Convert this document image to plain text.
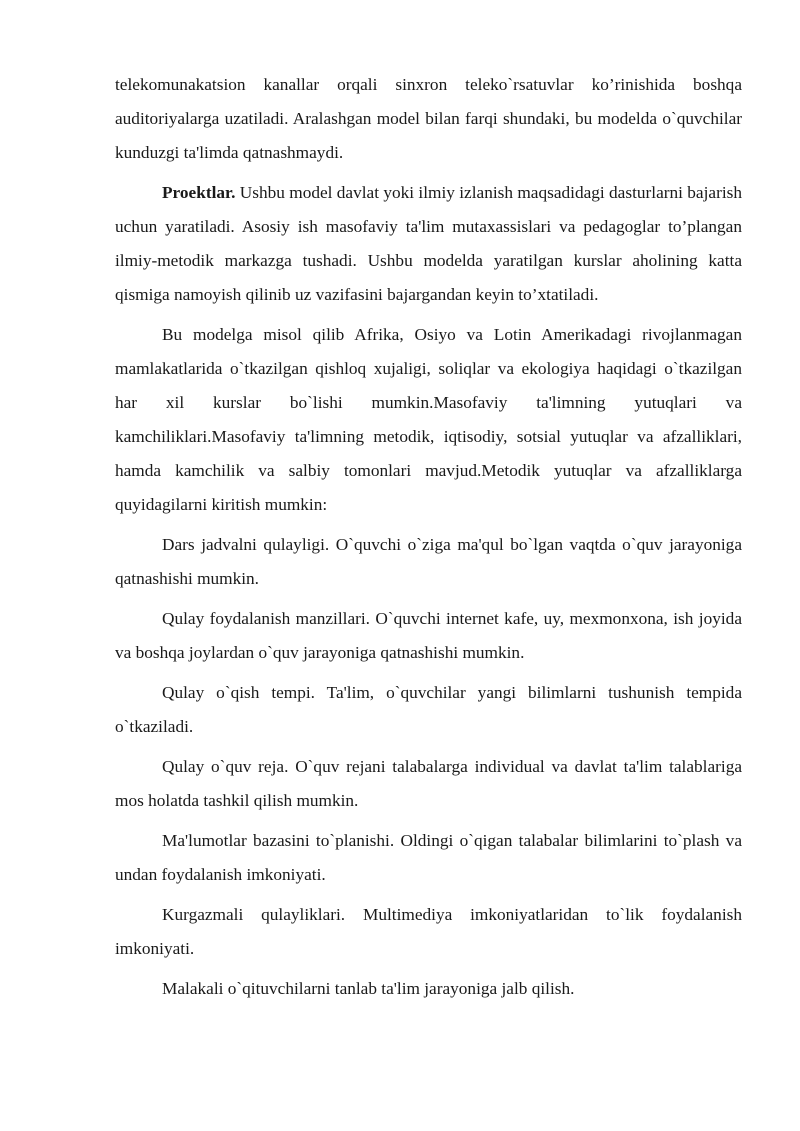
telekomunakatsion kanallar orqali sinxron teleko`rsatuvlar ko’rinishida boshqa auditoriyalarga uzatiladi. Aralashgan model bilan farqi shundaki, bu modelda o`quvchilar kunduzgi ta'limda qatnashmaydi.

Proektlar. Ushbu model davlat yoki ilmiy izlanish maqsadidagi dasturlarni bajarish uchun yaratiladi. Asosiy ish masofaviy ta'lim mutaxassislari va pedagoglar to’plangan ilmiy-metodik markazga tushadi. Ushbu modelda yaratilgan kurslar aholining katta qismiga namoyish qilinib uz vazifasini bajargandan keyin to’xtatiladi.

Bu modelga misol qilib Afrika, Osiyo va Lotin Amerikadagi rivojlanmagan mamlakatlarida o`tkazilgan qishloq xujaligi, soliqlar va ekologiya haqidagi o`tkazilgan har xil kurslar bo`lishi mumkin.Masofaviy ta'limning yutuqlari va kamchiliklari.Masofaviy ta'limning metodik, iqtisodiy, sotsial yutuqlar va afzalliklari, hamda kamchilik va salbiy tomonlari mavjud.Metodik yutuqlar va afzalliklarga quyidagilarni kiritish mumkin:

Dars jadvalni qulayligi. O`quvchi o`ziga ma'qul bo`lgan vaqtda o`quv jarayoniga qatnashishi mumkin.

Qulay foydalanish manzillari. O`quvchi internet kafe, uy, mexmonxona, ish joyida va boshqa joylardan o`quv jarayoniga qatnashishi mumkin.

Qulay o`qish tempi. Ta'lim, o`quvchilar yangi bilimlarni tushunish tempida o`tkaziladi.

Qulay o`quv reja. O`quv rejani talabalarga individual va davlat ta'lim talablariga mos holatda tashkil qilish mumkin.

Ma'lumotlar bazasini to`planishi. Oldingi o`qigan talabalar bilimlarini to`plash va undan foydalanish imkoniyati.

Kurgazmali qulayliklari. Multimediya imkoniyatlaridan to`lik foydalanish imkoniyati.

Malakali o`qituvchilarni tanlab ta'lim jarayoniga jalb qilish.
